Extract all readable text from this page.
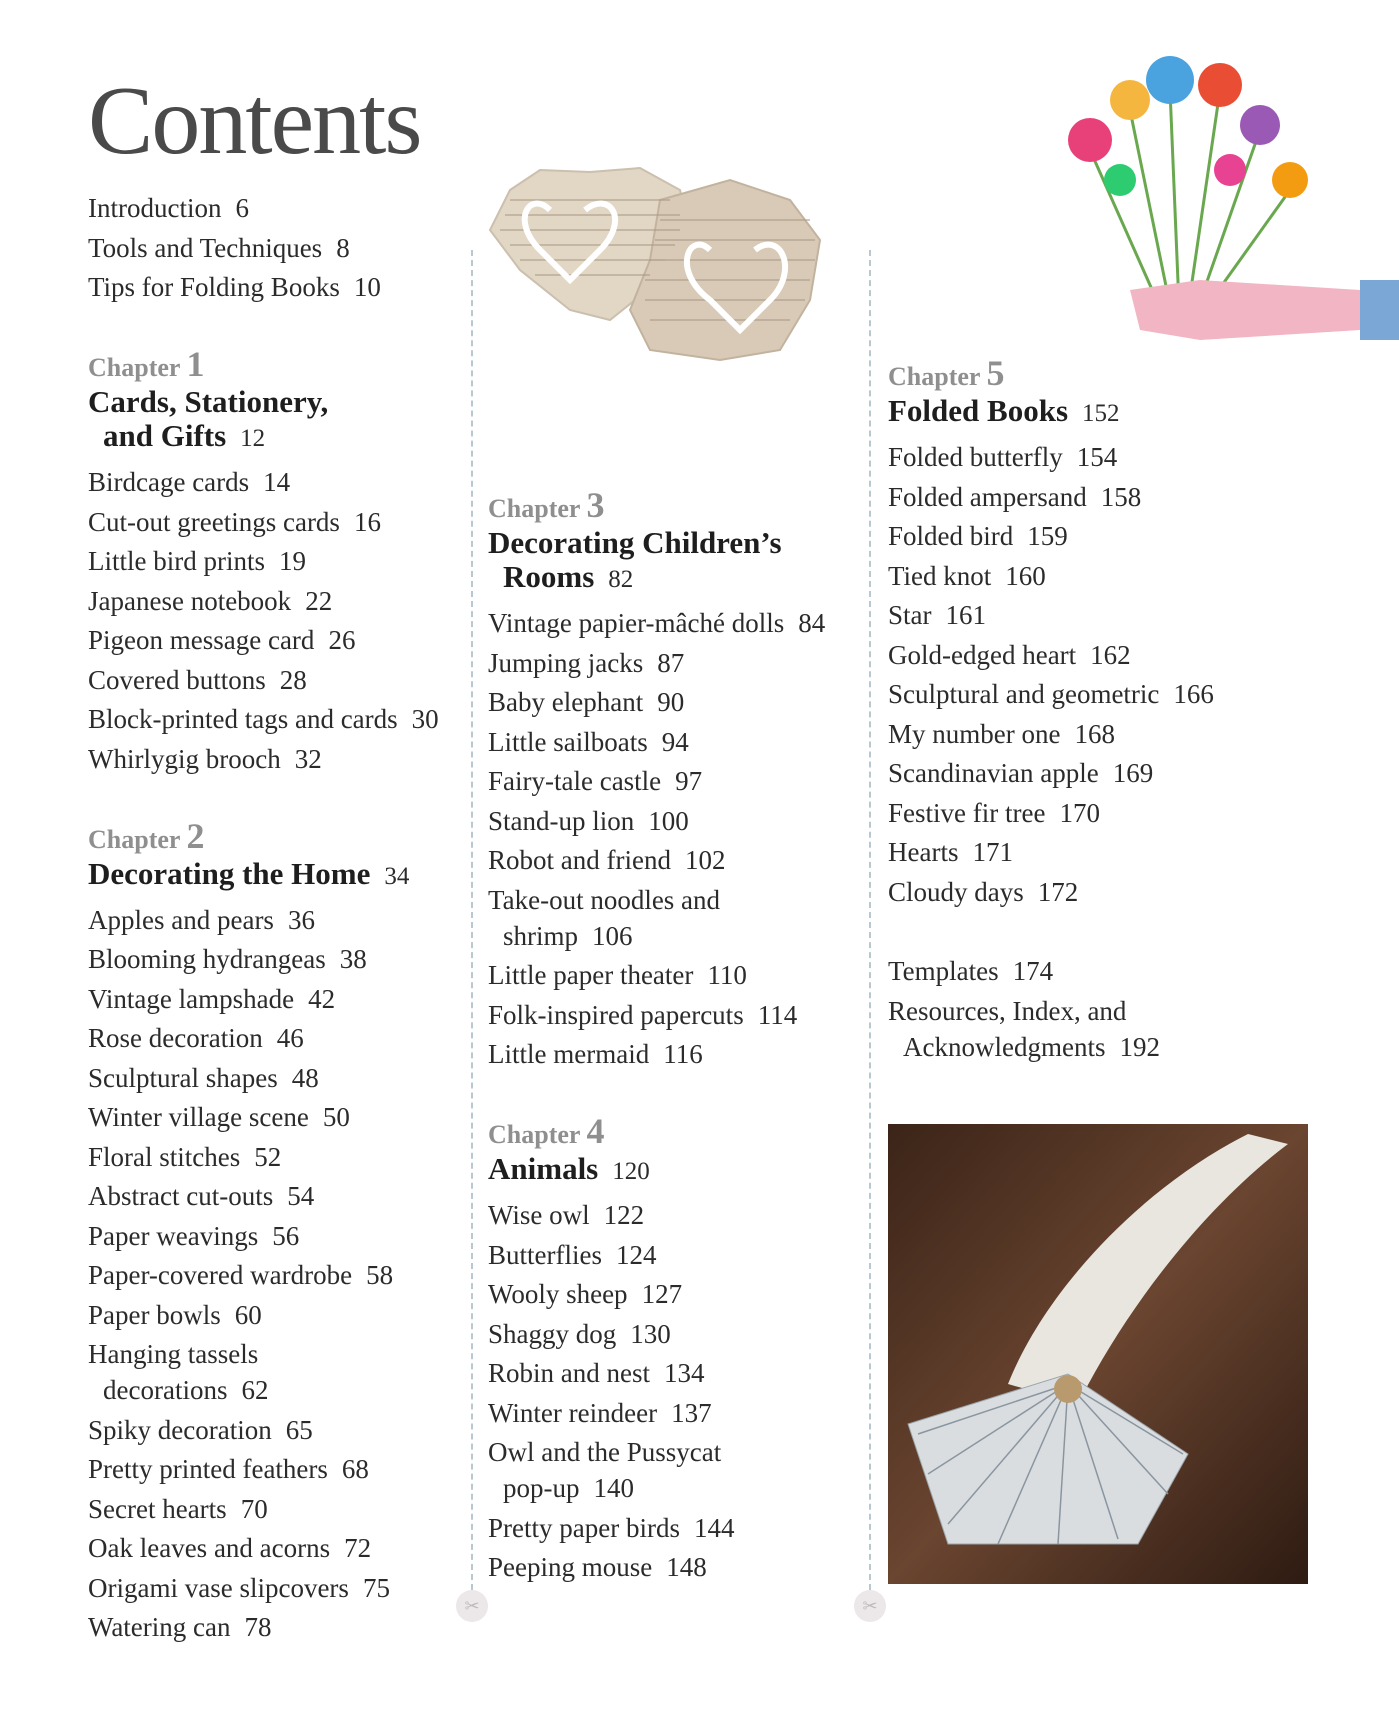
Contents
✂	✂

Introduction 6

Tools and Techniques 8

Tips for Folding Books 10

Chapter 1

Cards, Stationery,
and Gifts 12

Birdcage cards 14

Cut-out greetings cards 16

Little bird prints 19

Japanese notebook 22

Pigeon message card 26

Covered buttons 28

Block-printed tags and cards 30

Whirlygig brooch 32

Chapter 2

Decorating the Home 34

Apples and pears 36

Blooming hydrangeas 38

Vintage lampshade 42

Rose decoration 46

Sculptural shapes 48

Winter village scene 50

Floral stitches 52

Abstract cut-outs 54

Paper weavings 56

Paper-covered wardrobe 58

Paper bowls 60

Hanging tassels
decorations 62

Spiky decoration 65

Pretty printed feathers 68

Secret hearts 70

Oak leaves and acorns 72

Origami vase slipcovers 75

Watering can 78

Chapter 3

Decorating Children’s
Rooms 82

Vintage papier-mâché dolls 84

Jumping jacks 87

Baby elephant 90

Little sailboats 94

Fairy-tale castle 97

Stand-up lion 100

Robot and friend 102

Take-out noodles and
shrimp 106

Little paper theater 110

Folk-inspired papercuts 114

Little mermaid 116

Chapter 4

Animals 120

Wise owl 122

Butterflies 124

Wooly sheep 127

Shaggy dog 130

Robin and nest 134

Winter reindeer 137

Owl and the Pussycat
pop-up 140

Pretty paper birds 144

Peeping mouse 148

Chapter 5

Folded Books 152

Folded butterfly 154

Folded ampersand 158

Folded bird 159

Tied knot 160

Star 161

Gold-edged heart 162

Sculptural and geometric 166

My number one 168

Scandinavian apple 169

Festive fir tree 170

Hearts 171

Cloudy days 172

Templates 174

Resources, Index, and
Acknowledgments 192
